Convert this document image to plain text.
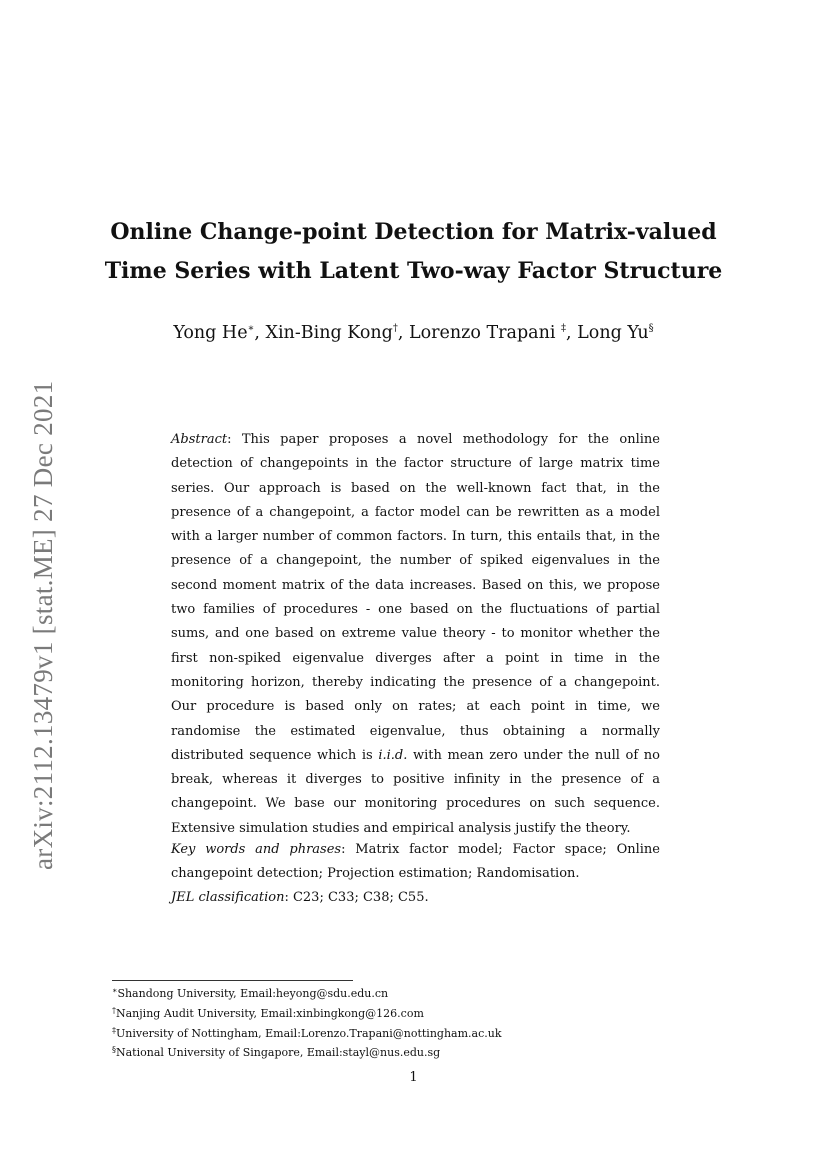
arXiv:2112.13479v1 [stat.ME] 27 Dec 2021
Online Change-point Detection for Matrix-valued
Time Series with Latent Two-way Factor Structure
Yong He∗, Xin-Bing Kong†, Lorenzo Trapani ‡, Long Yu§

Abstract: This paper proposes a novel methodology for the online detection of changepoints in the factor structure of large matrix time series. Our approach is based on the well-known fact that, in the presence of a changepoint, a factor model can be rewritten as a model with a larger number of common factors. In turn, this entails that, in the presence of a changepoint, the number of spiked eigenvalues in the second moment matrix of the data increases. Based on this, we propose two families of procedures - one based on the fluctuations of partial sums, and one based on extreme value theory - to monitor whether the first non-spiked eigenvalue diverges after a point in time in the monitoring horizon, thereby indicating the presence of a changepoint. Our procedure is based only on rates; at each point in time, we randomise the estimated eigenvalue, thus obtaining a normally distributed sequence which is i.i.d. with mean zero under the null of no break, whereas it diverges to positive infinity in the presence of a changepoint. We base our monitoring procedures on such sequence. Extensive simulation studies and empirical analysis justify the theory.

Key words and phrases: Matrix factor model; Factor space; Online changepoint detection; Projection estimation; Randomisation.

JEL classification: C23; C33; C38; C55.

∗Shandong University, Email:heyong@sdu.edu.cn
†Nanjing Audit University, Email:xinbingkong@126.com
‡University of Nottingham, Email:Lorenzo.Trapani@nottingham.ac.uk
§National University of Singapore, Email:stayl@nus.edu.sg
1
